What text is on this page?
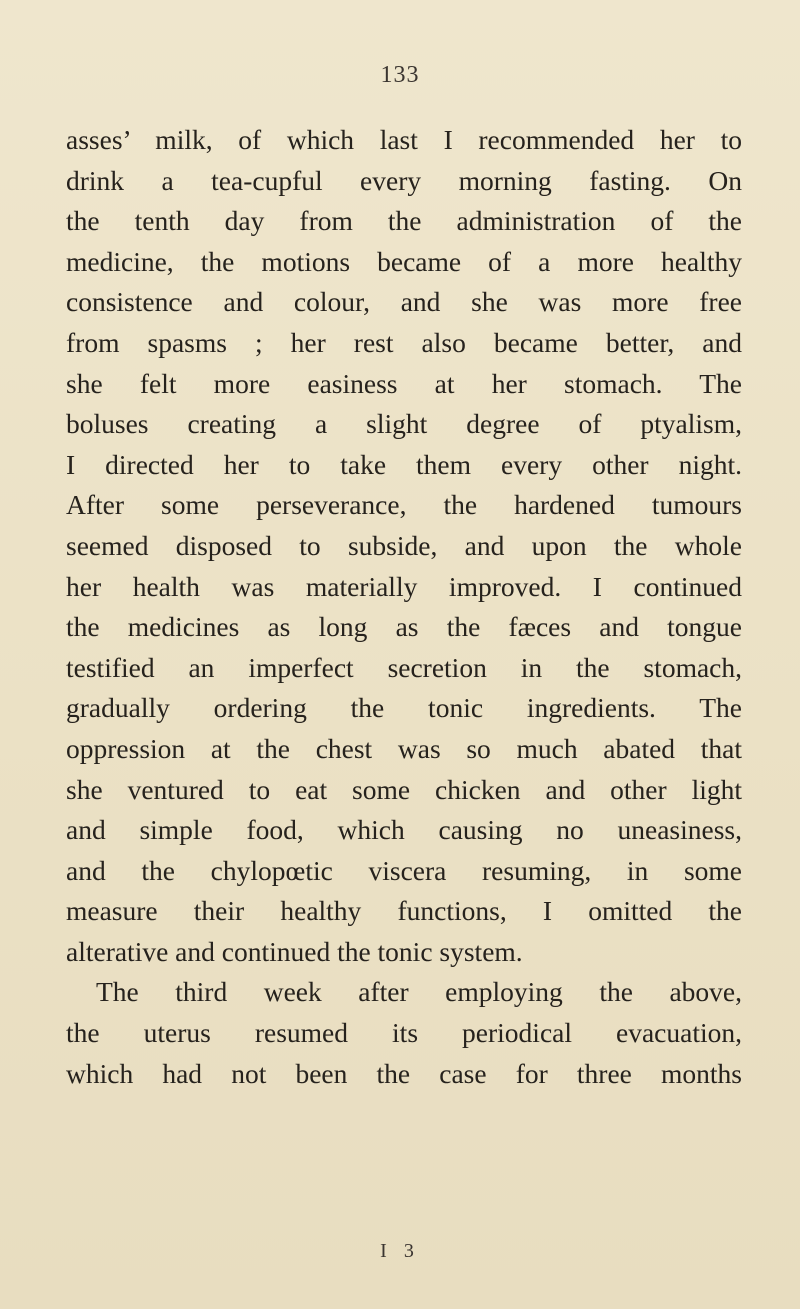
133
asses’ milk, of which last I recommended her to
drink a tea-cupful every morning fasting. On
the tenth day from the administration of the
medicine, the motions became of a more healthy
consistence and colour, and she was more free
from spasms ; her rest also became better, and
she felt more easiness at her stomach. The
boluses creating a slight degree of ptyalism,
I directed her to take them every other night.
After some perseverance, the hardened tumours
seemed disposed to subside, and upon the whole
her health was materially improved. I continued
the medicines as long as the fæces and tongue
testified an imperfect secretion in the stomach,
gradually ordering the tonic ingredients. The
oppression at the chest was so much abated that
she ventured to eat some chicken and other light
and simple food, which causing no uneasiness,
and the chylopœtic viscera resuming, in some
measure their healthy functions, I omitted the
alterative and continued the tonic system.
The third week after employing the above,
the uterus resumed its periodical evacuation,
which had not been the case for three months
I 3
